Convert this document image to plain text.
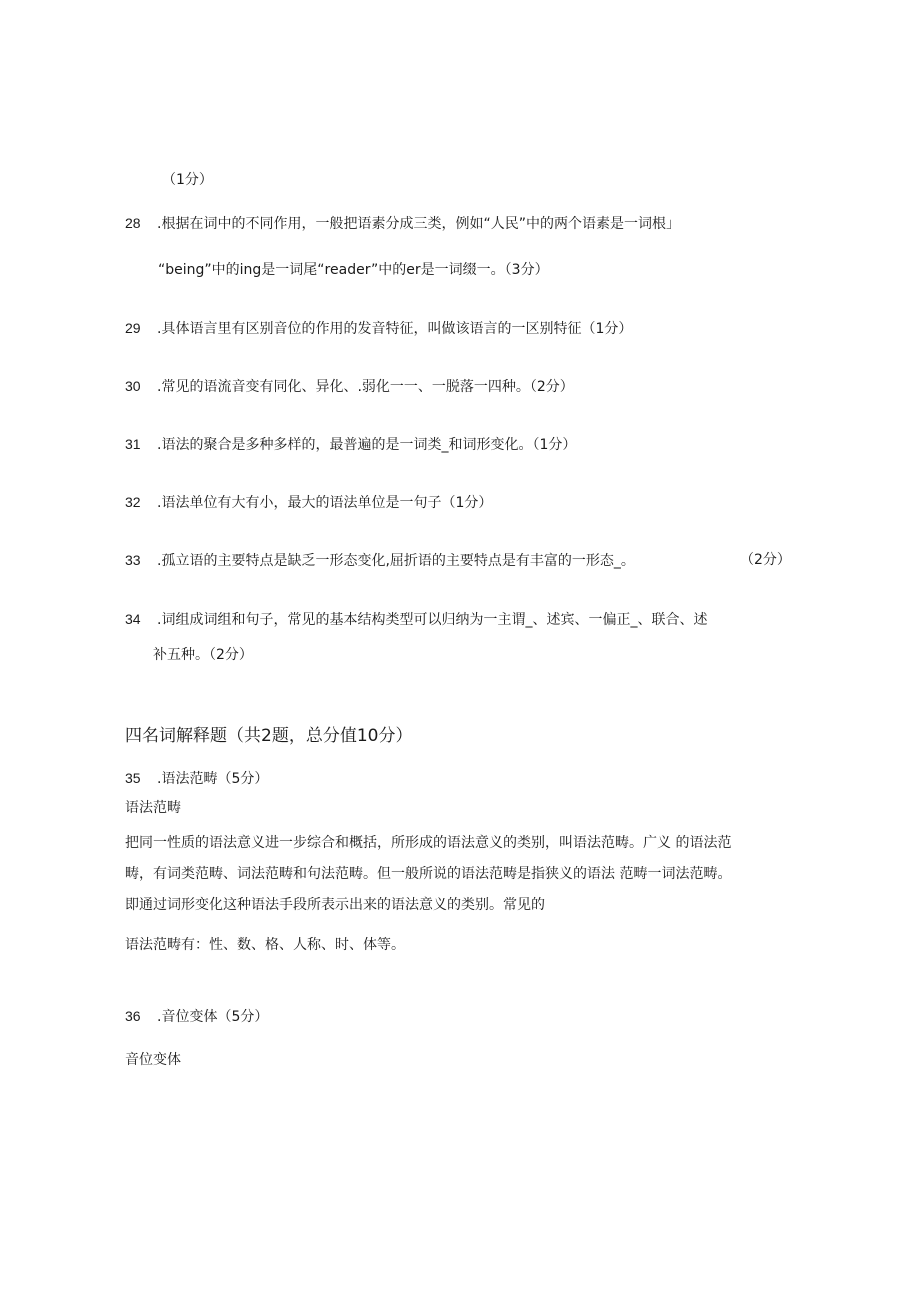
（1分）
28 .根据在词中的不同作用，一般把语素分成三类，例如“人民”中的两个语素是一词根」
“being”中的ing是一词尾“reader”中的er是一词缀一。（3分）
29 .具体语言里有区别音位的作用的发音特征，叫做该语言的一区别特征（1分）
30 .常见的语流音变有同化、异化、.弱化一一、一脱落一四种。（2分）
31 .语法的聚合是多种多样的，最普遍的是一词类_和词形变化。（1分）
32 .语法单位有大有小，最大的语法单位是一句子（1分）
33 .孤立语的主要特点是缺乏一形态变化,屈折语的主要特点是有丰富的一形态_。	（2分）
34 .词组成词组和句子，常见的基本结构类型可以归纳为一主谓_、述宾、一偏正_、联合、述
补五种。（2分）
四名词解释题（共2题，总分值10分）
35 .语法范畴（5分）
语法范畴
把同一性质的语法意义进一步综合和概括，所形成的语法意义的类别，叫语法范畴。广义 的语法范
畴，有词类范畴、词法范畴和句法范畴。但一般所说的语法范畴是指狭义的语法 范畴一词法范畴。
即通过词形变化这种语法手段所表示出来的语法意义的类别。常见的
语法范畴有：性、数、格、人称、时、体等。
36 .音位变体（5分）
音位变体
